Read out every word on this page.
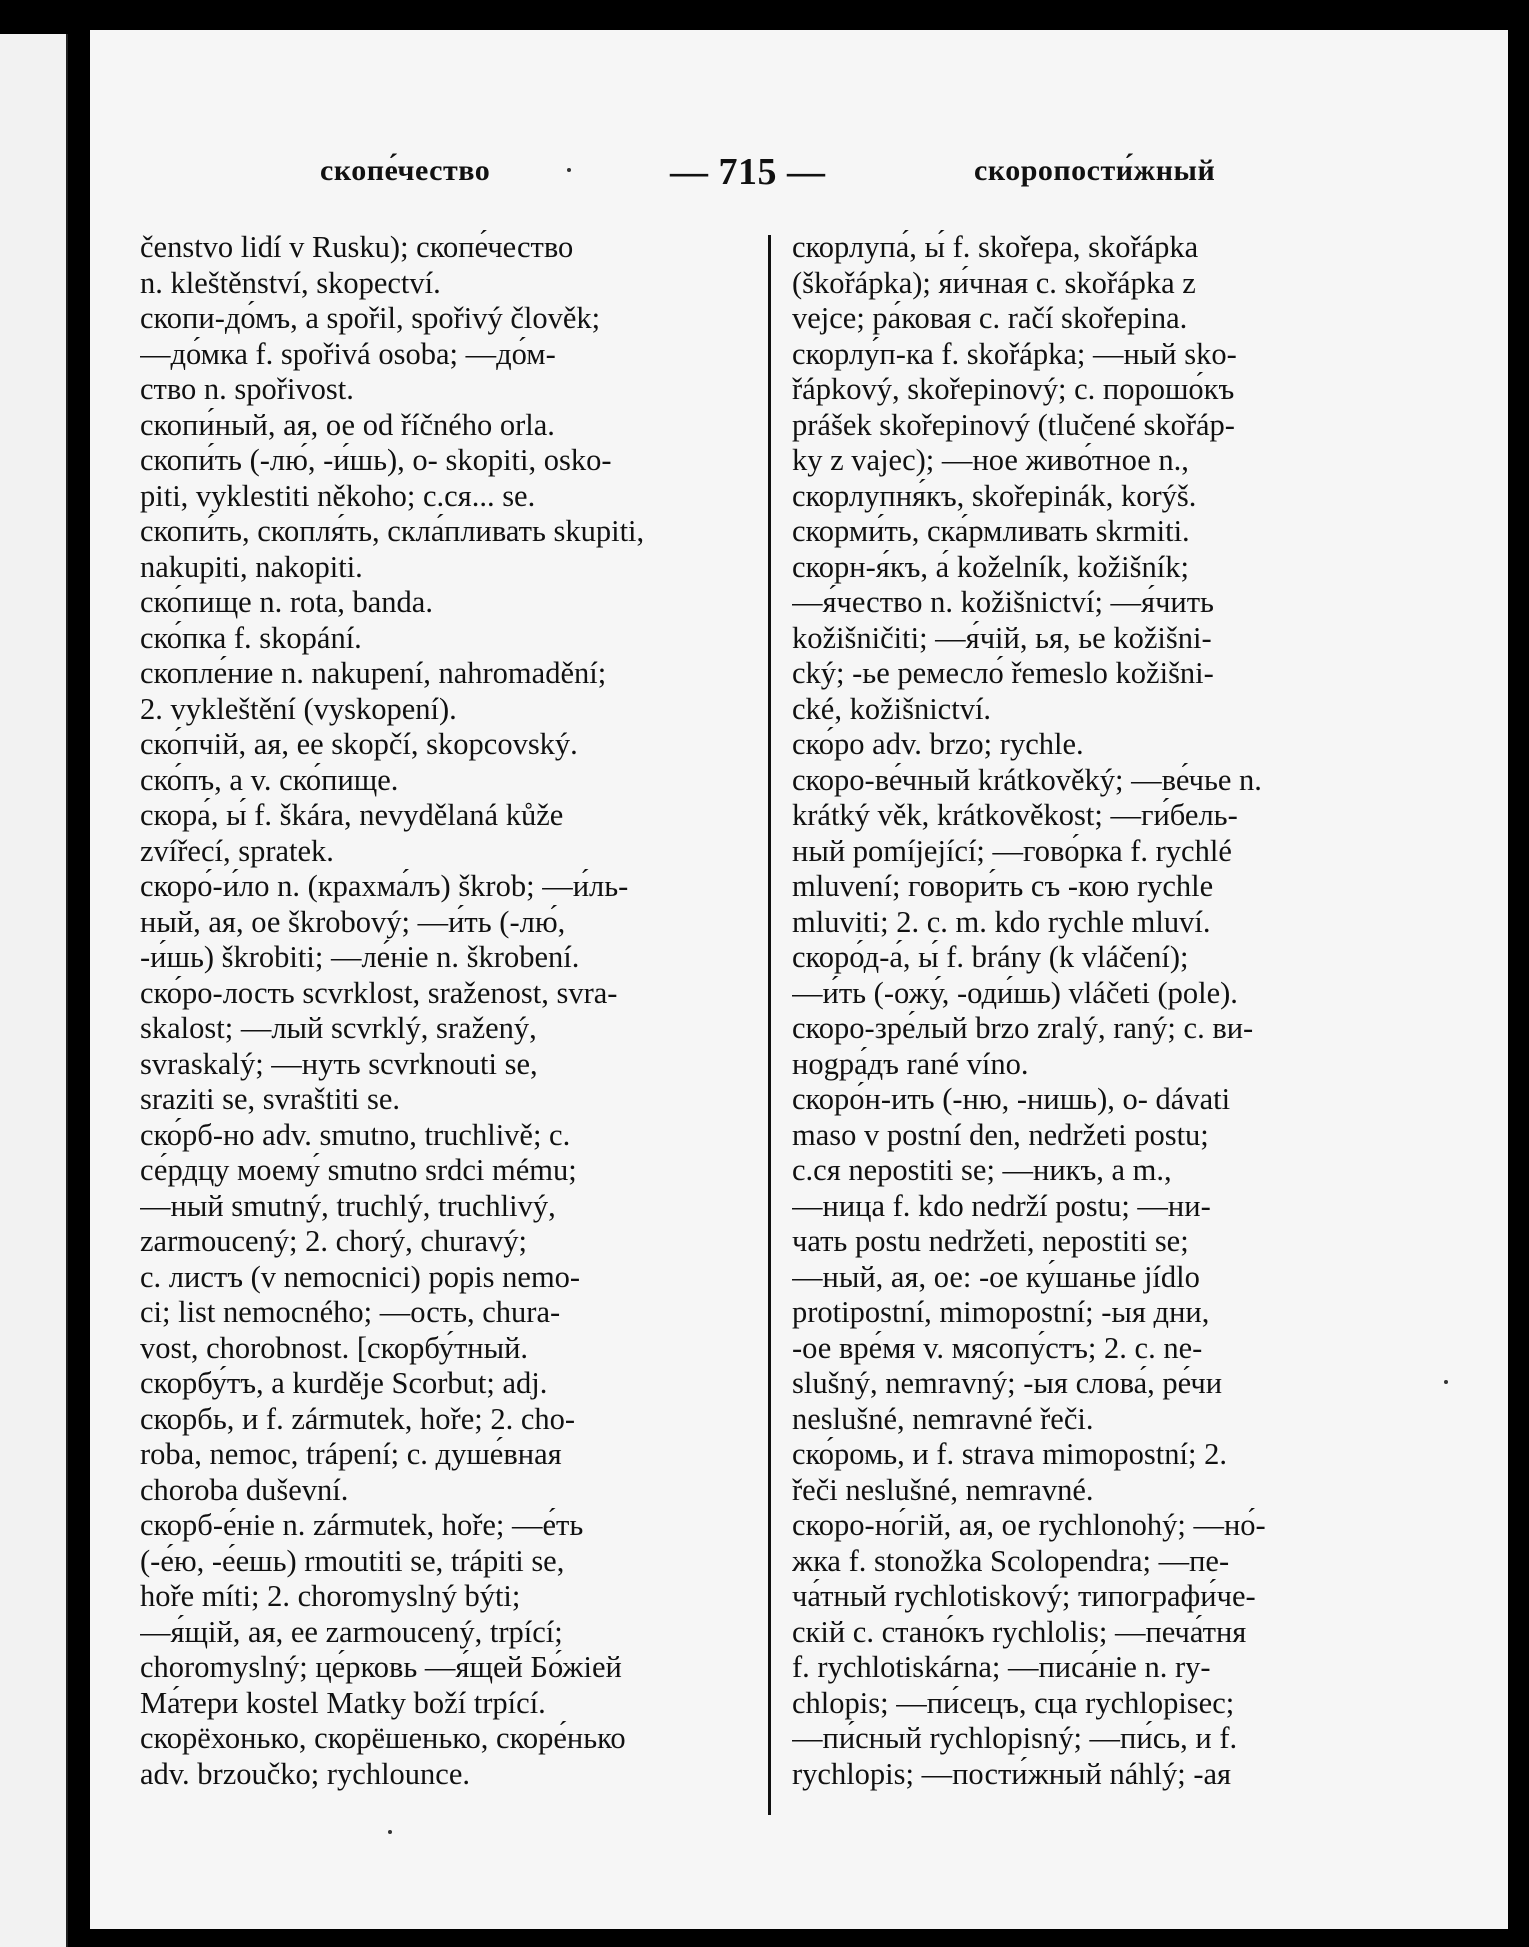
скопе́чество	— 715 —	скоропости́жный
čenstvo lidí v Rusku); скопе́чество
n. kleštěnství, skopectví.
скопи-до́мъ, a spořil, spořivý člověk;
—до́мка f. spořivá osoba; —до́м-
ство n. spořivost.
скопи́ный, ая, ое od říčného orla.
скопи́ть (-лю́, -и́шь), o- skopiti, osko-
piti, vyklestiti někoho; c.ся... se.
скопи́ть, скопля́ть, скла́пливать skupiti,
nakupiti, nakopiti.
ско́пище n. rota, banda.
ско́пка f. skopání.
скопле́ние n. nakupení, nahromadění;
2. vykleštění (vyskopení).
ско́пчій, ая, ее skopčí, skopcovský.
ско́пъ, a v. ско́пище.
скора́, ы́ f. škára, nevydělaná kůže
zvířecí, spratek.
скоро́-и́ло n. (крахма́лъ) škrob; —и́ль-
ный, ая, ое škrobový; —и́ть (-лю́,
-и́шь) škrobiti; —ле́ніе n. škrobení.
ско́ро-лость scvrklost, sraženost, svra-
skalost; —лый scvrklý, sražený,
svraskalý; —нуть scvrknouti se,
sraziti se, svraštiti se.
ско́рб-но adv. smutno, truchlivě; c.
се́рдцу моему́ smutno srdci mému;
—ный smutný, truchlý, truchlivý,
zarmoucený; 2. chorý, churavý;
c. листъ (v nemocnici) popis nemo-
ci; list nemocného; —ость, chura-
vost, chorobnost. [скорбу́тный.
скорбу́тъ, a kurděje Scorbut; adj.
скорбь, и f. zármutek, hoře; 2. cho-
roba, nemoc, trápení; c. душе́вная
choroba duševní.
скорб-е́ніе n. zármutek, hoře; —е́ть
(-е́ю, -е́ешь) rmoutiti se, trápiti se,
hoře míti; 2. choromyslný býti;
—я́щій, ая, ее zarmoucený, trpící;
choromyslný; це́рковь —я́щей Бо́жіей
Ма́тери kostel Matky boží trpící.
скорёхонько, скорёшенько, скоре́нько
adv. brzoučko; rychlounce.
скорлупа́, ы́ f. skořepa, skořápka
(škořápka); яи́чная c. skořápka z
vejce; ра́ковая c. račí skořepina.
скорлу́п-ка f. skořápka; —ный sko-
řápkový, skořepinový; c. порошо́къ
prášek skořepinový (tlučené skořáp-
ky z vajec); —ное живо́тное n.,
скорлупня́къ, skořepinák, korýš.
скорми́ть, ска́рмливать skrmiti.
скорн-я́къ, а́ koželník, kožišník;
—я́чество n. kožišnictví; —я́чить
kožišničiti; —я́чій, ья, ье kožišni-
cký; -ье ремесло́ řemeslo kožišni-
cké, kožišnictví.
ско́ро adv. brzo; rychle.
скоро-ве́чный krátkověký; —ве́чье n.
krátký věk, krátkověkost; —ги́бель-
ный pomíjející; —гово́рка f. rychlé
mluvení; говори́ть съ -кою rychle
mluviti; 2. c. m. kdo rychle mluví.
скоро́д-а́, ы́ f. brány (k vláčení);
—и́ть (-ожу́, -оди́шь) vláčeti (pole).
скоро-зре́лый brzo zralý, raný; c. ви-
нogра́дъ rané víno.
скоро́н-ить (-ню, -нишь), o- dávati
maso v postní den, nedržeti postu;
c.ся nepostiti se; —никъ, a m.,
—ница f. kdo nedrží postu; —ни-
чать postu nedržeti, nepostiti se;
—ный, ая, ое: -ое ку́шанье jídlo
protipostní, mimopostní; -ыя дни,
-ое вре́мя v. мясопу́стъ; 2. c. ne-
slušný, nemravný; -ыя слова́, ре́чи
neslušné, nemravné řeči.
ско́ромь, и f. strava mimopostní; 2.
řeči neslušné, nemravné.
скоро-но́гій, ая, ое rychlonohý; —но́-
жка f. stonožka Scolopendra; —пе-
ча́тный rychlotiskový; типографи́че-
скій c. стано́къ rychlolis; —печа́тня
f. rychlotiskárna; —писа́ніе n. ry-
chlopis; —пи́сецъ, сца rychlopisec;
—пи́сный rychlopisný; —пи́сь, и f.
rychlopis; —пости́жный náhlý; -ая
